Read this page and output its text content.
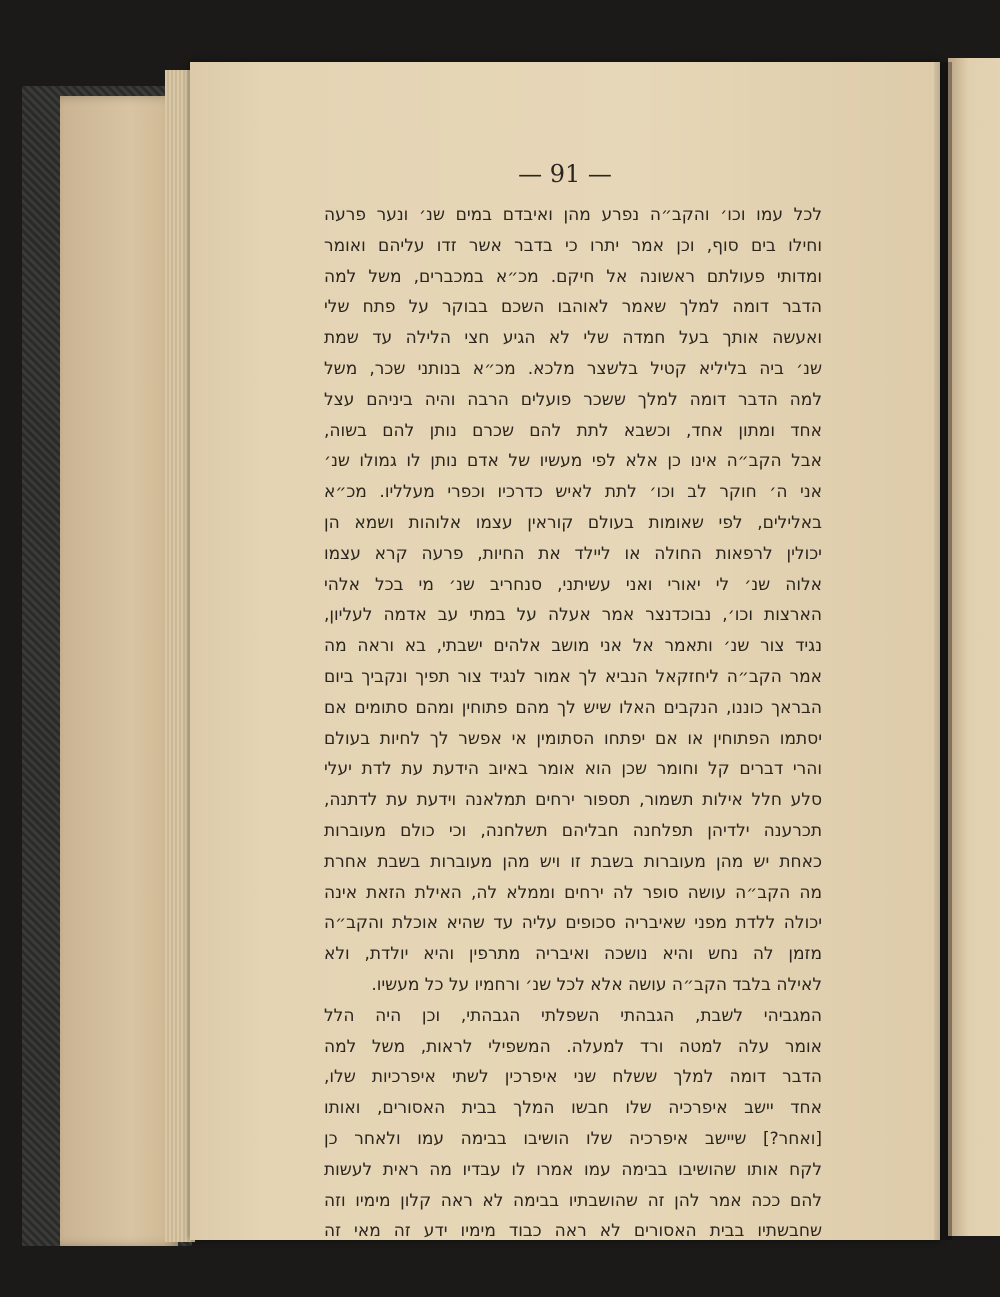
— 91 —
לכל עמו וכו׳ והקב״ה נפרע מהן ואיבדם במים שנ׳ ונער פרעה
וחילו בים סוף, וכן אמר יתרו כי בדבר אשר זדו עליהם ואומר
ומדותי פעולתם ראשונה אל חיקם. מכ״א במכברים, משל למה
הדבר דומה למלך שאמר לאוהבו השכם בבוקר על פתח שלי
ואעשה אותך בעל חמדה שלי לא הגיע חצי הלילה עד שמת
שנ׳ ביה בליליא קטיל בלשצר מלכא. מכ״א בנותני שכר, משל
למה הדבר דומה למלך ששכר פועלים הרבה והיה ביניהם עצל
אחד ומתון אחד, וכשבא לתת להם שכרם נותן להם בשוה,
אבל הקב״ה אינו כן אלא לפי מעשיו של אדם נותן לו גמולו שנ׳
אני ה׳ חוקר לב וכו׳ לתת לאיש כדרכיו וכפרי מעלליו. מכ״א
באלילים, לפי שאומות בעולם קוראין עצמו אלוהות ושמא הן
יכולין לרפאות החולה או ליילד את החיות, פרעה קרא עצמו
אלוה שנ׳ לי יאורי ואני עשיתני, סנחריב שנ׳ מי בכל אלהי
הארצות וכו׳, נבוכדנצר אמר אעלה על במתי עב אדמה לעליון,
נגיד צור שנ׳ ותאמר אל אני מושב אלהים ישבתי, בא וראה מה
אמר הקב״ה ליחזקאל הנביא לך אמור לנגיד צור תפיך ונקביך ביום
הבראך כוננו, הנקבים האלו שיש לך מהם פתוחין ומהם סתומים אם
יסתמו הפתוחין או אם יפתחו הסתומין אי אפשר לך לחיות בעולם
והרי דברים קל וחומר שכן הוא אומר באיוב הידעת עת לדת יעלי
סלע חלל אילות תשמור, תספור ירחים תמלאנה וידעת עת לדתנה,
תכרענה ילדיהן תפלחנה חבליהם תשלחנה, וכי כולם מעוברות
כאחת יש מהן מעוברות בשבת זו ויש מהן מעוברות בשבת אחרת
מה הקב״ה עושה סופר לה ירחים וממלא לה, האילת הזאת אינה
יכולה ללדת מפני שאיבריה סכופים עליה עד שהיא אוכלת והקב״ה
מזמן לה נחש והיא נושכה ואיבריה מתרפין והיא יולדת, ולא
לאילה בלבד הקב״ה עושה אלא לכל שנ׳ ורחמיו על כל מעשיו.
המגביהי לשבת, הגבהתי השפלתי הגבהתי, וכן היה הלל
אומר עלה למטה ורד למעלה. המשפילי לראות, משל למה
הדבר דומה למלך ששלח שני איפרכין לשתי איפרכיות שלו,
אחד יישב איפרכיה שלו חבשו המלך בבית האסורים, ואותו
[ואחר?] שיישב איפרכיה שלו הושיבו בבימה עמו ולאחר כן
לקח אותו שהושיבו בבימה עמו אמרו לו עבדיו מה ראית לעשות
להם ככה אמר להן זה שהושבתיו בבימה לא ראה קלון מימיו וזה
שחבשתיו בבית האסורים לא ראה כבוד מימיו ידע זה מאי זה
